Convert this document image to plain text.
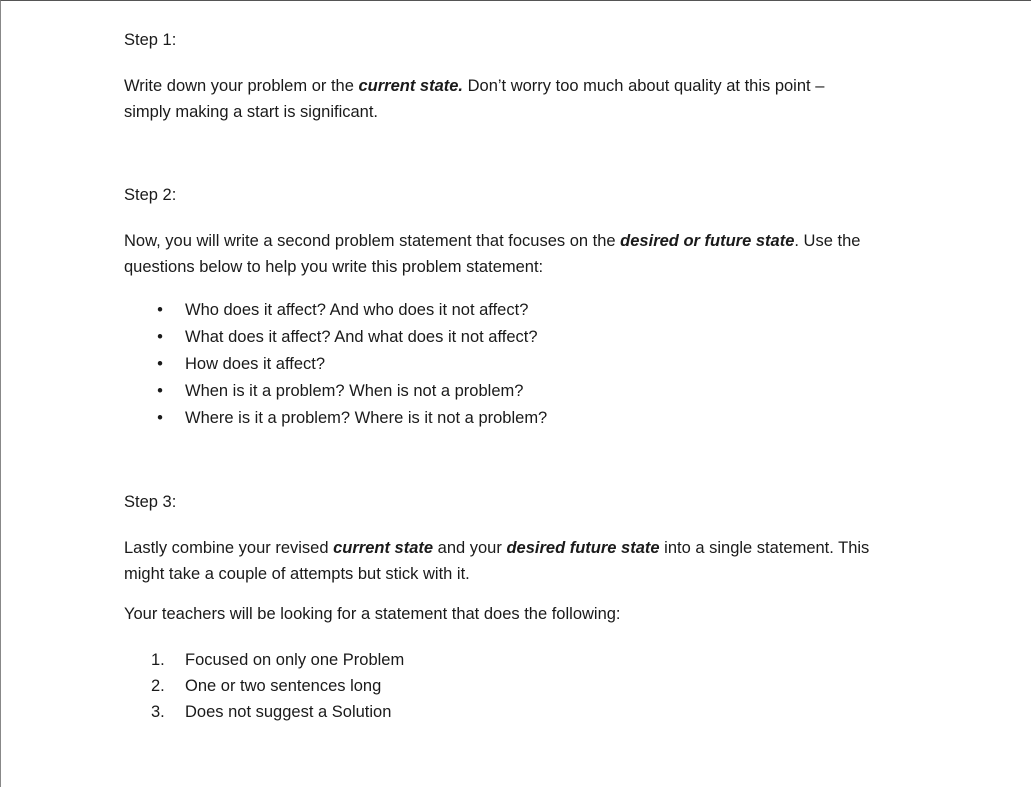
Step 1:

Write down your problem or the current state. Don’t worry too much about quality at this point –
simply making a start is significant.

Step 2:

Now, you will write a second problem statement that focuses on the desired or future state. Use the
questions below to help you write this problem statement:
• Who does it affect? And who does it not affect?
• What does it affect? And what does it not affect?
• How does it affect?
• When is it a problem? When is not a problem?
• Where is it a problem? Where is it not a problem?

Step 3:

Lastly combine your revised current state and your desired future state into a single statement. This
might take a couple of attempts but stick with it.

Your teachers will be looking for a statement that does the following:

1.	Focused on only one Problem
2.	One or two sentences long
3.	Does not suggest a Solution
